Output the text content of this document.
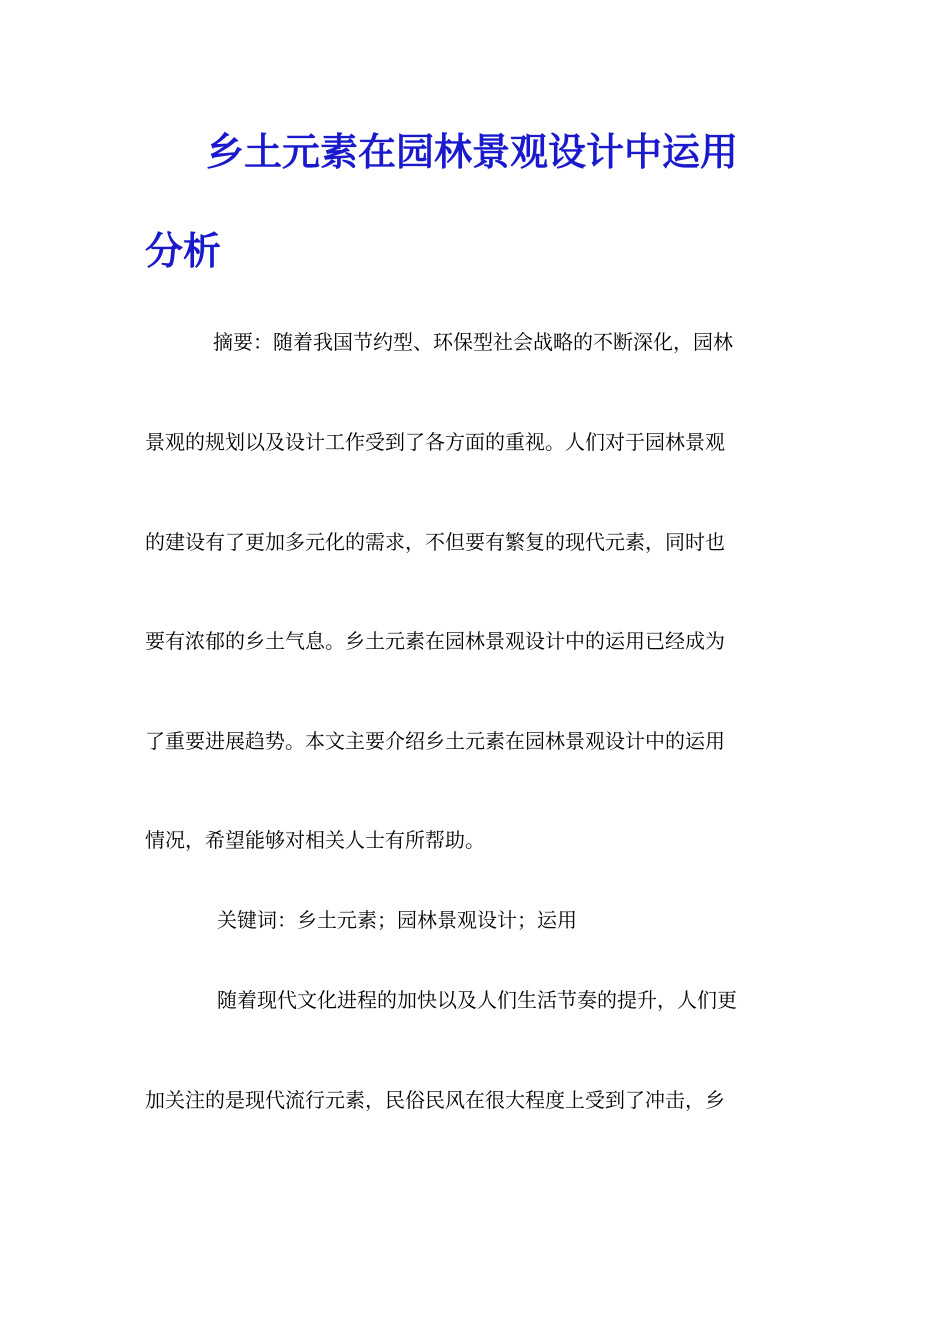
乡土元素在园林景观设计中运用
分析
摘要：随着我国节约型、环保型社会战略的不断深化，园林
景观的规划以及设计工作受到了各方面的重视。人们对于园林景观
的建设有了更加多元化的需求，不但要有繁复的现代元素，同时也
要有浓郁的乡土气息。乡土元素在园林景观设计中的运用已经成为
了重要进展趋势。本文主要介绍乡土元素在园林景观设计中的运用
情况，希望能够对相关人士有所帮助。
关键词：乡土元素；园林景观设计；运用
随着现代文化进程的加快以及人们生活节奏的提升，人们更
加关注的是现代流行元素，民俗民风在很大程度上受到了冲击，乡
